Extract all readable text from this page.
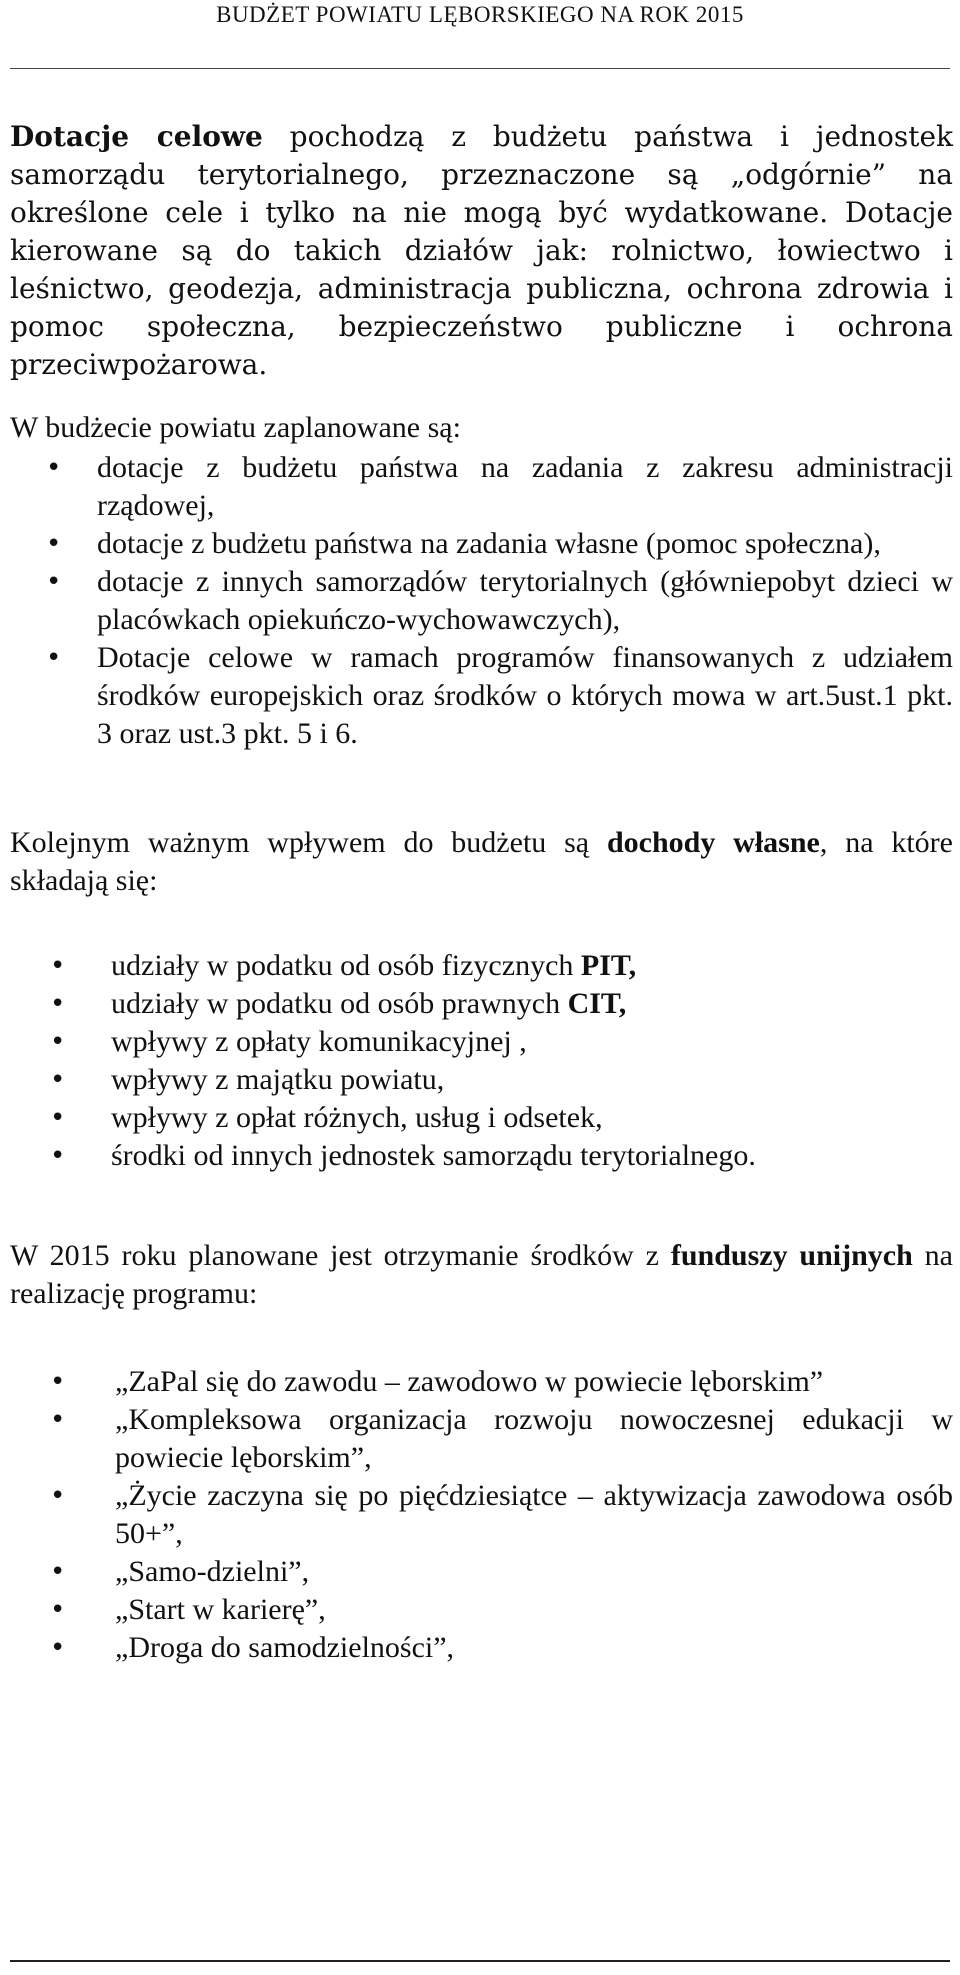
BUDŻET POWIATU LĘBORSKIEGO NA ROK 2015

Dotacje celowe pochodzą z budżetu państwa i jednostek samorządu terytorialnego, przeznaczone są „odgórnie” na określone cele i tylko na nie mogą być wydatkowane. Dotacje kierowane są do takich działów jak: rolnictwo, łowiectwo i leśnictwo, geodezja, administracja publiczna, ochrona zdrowia i pomoc społeczna, bezpieczeństwo publiczne i ochrona przeciwpożarowa.

W budżecie powiatu zaplanowane są:

• dotacje z budżetu państwa na zadania z zakresu administracji rządowej,
• dotacje z budżetu państwa na zadania własne (pomoc społeczna),
• dotacje z innych samorządów terytorialnych (główniepobyt dzieci w placówkach opiekuńczo-wychowawczych),
• Dotacje celowe w ramach programów finansowanych z udziałem środków europejskich oraz środków o których mowa w art.5ust.1 pkt. 3 oraz ust.3 pkt. 5 i 6.

Kolejnym ważnym wpływem do budżetu są dochody własne, na które składają się:

• udziały w podatku od osób fizycznych PIT,
• udziały w podatku od osób prawnych CIT,
• wpływy z opłaty komunikacyjnej ,
• wpływy z majątku powiatu,
• wpływy z opłat różnych, usług i odsetek,
• środki od innych jednostek samorządu terytorialnego.

W 2015 roku planowane jest otrzymanie środków z funduszy unijnych na realizację programu:

• „ZaPal się do zawodu – zawodowo w powiecie lęborskim”
• „Kompleksowa organizacja rozwoju nowoczesnej edukacji w powiecie lęborskim”,
• „Życie zaczyna się po pięćdziesiątce – aktywizacja zawodowa osób 50+”,
• „Samo-dzielni”,
• „Start w karierę”,
• „Droga do samodzielności”,
